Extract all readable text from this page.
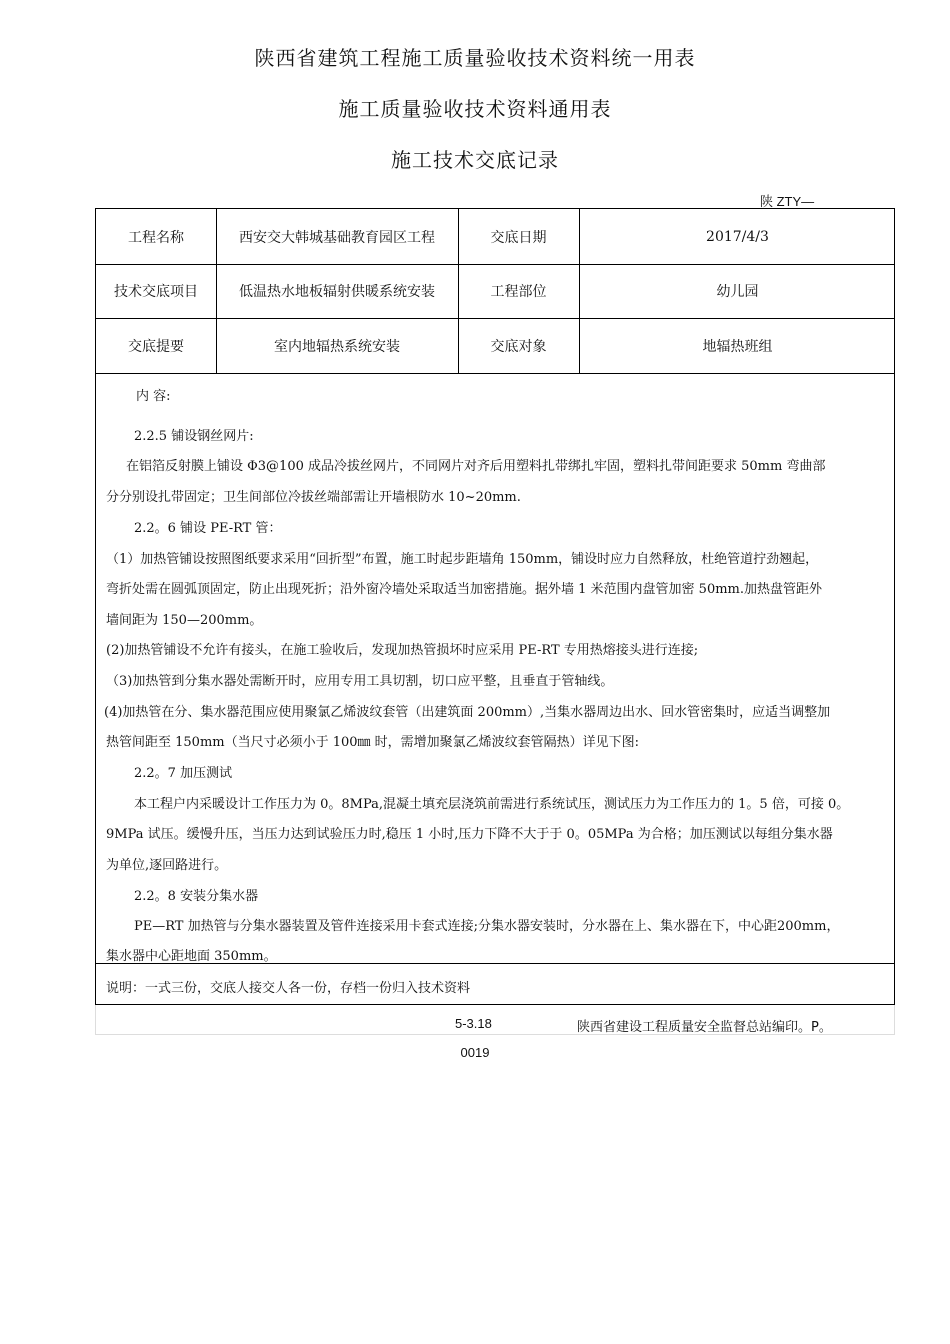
陕西省建筑工程施工质量验收技术资料统一用表
施工质量验收技术资料通用表
施工技术交底记录
陕 ZTY—
工程名称	西安交大韩城基础教育园区工程	交底日期	2017/4/3
技术交底项目	低温热水地板辐射供暖系统安装	工程部位	幼儿园
交底提要	室内地辐热系统安装	交底对象	地辐热班组
内 容:
2.2.5 铺设钢丝网片:
在铝箔反射膜上铺设 Φ3@100 成品冷拔丝网片，不同网片对齐后用塑料扎带绑扎牢固，塑料扎带间距要求 50mm 弯曲部
分分别设扎带固定；卫生间部位冷拔丝端部需让开墙根防水 10~20mm.
2.2。6 铺设 PE-RT 管：
（1）加热管铺设按照图纸要求采用“回折型”布置，施工时起步距墙角 150mm，铺设时应力自然释放，杜绝管道拧劲翘起，
弯折处需在圆弧顶固定，防止出现死折；沿外窗冷墙处采取适当加密措施。据外墙 1 米范围内盘管加密 50mm.加热盘管距外
墙间距为 150—200mm。
(2)加热管铺设不允许有接头，在施工验收后，发现加热管损坏时应采用 PE-RT 专用热熔接头进行连接;
（3)加热管到分集水器处需断开时，应用专用工具切割，切口应平整，且垂直于管轴线。
(4)加热管在分、集水器范围应使用聚氯乙烯波纹套管（出建筑面 200mm）,当集水器周边出水、回水管密集时，应适当调整加
热管间距至 150mm（当尺寸必须小于 100㎜ 时，需增加聚氯乙烯波纹套管隔热）详见下图:
2.2。7 加压测试
本工程户内采暖设计工作压力为 0。8MPa,混凝土填充层浇筑前需进行系统试压，测试压力为工作压力的 1。5 倍，可接 0。
9MPa 试压。缓慢升压，当压力达到试验压力时,稳压 1 小时,压力下降不大于于 0。05MPa 为合格；加压测试以每组分集水器
为单位,逐回路进行。
2.2。8 安装分集水器
PE—RT 加热管与分集水器装置及管件连接采用卡套式连接;分集水器安装时，分水器在上、集水器在下，中心距200mm，
集水器中心距地面 350mm。
说明：一式三份，交底人接交人各一份，存档一份归入技术资料
5-3.18	陕西省建设工程质量安全监督总站编印。P。
0019
